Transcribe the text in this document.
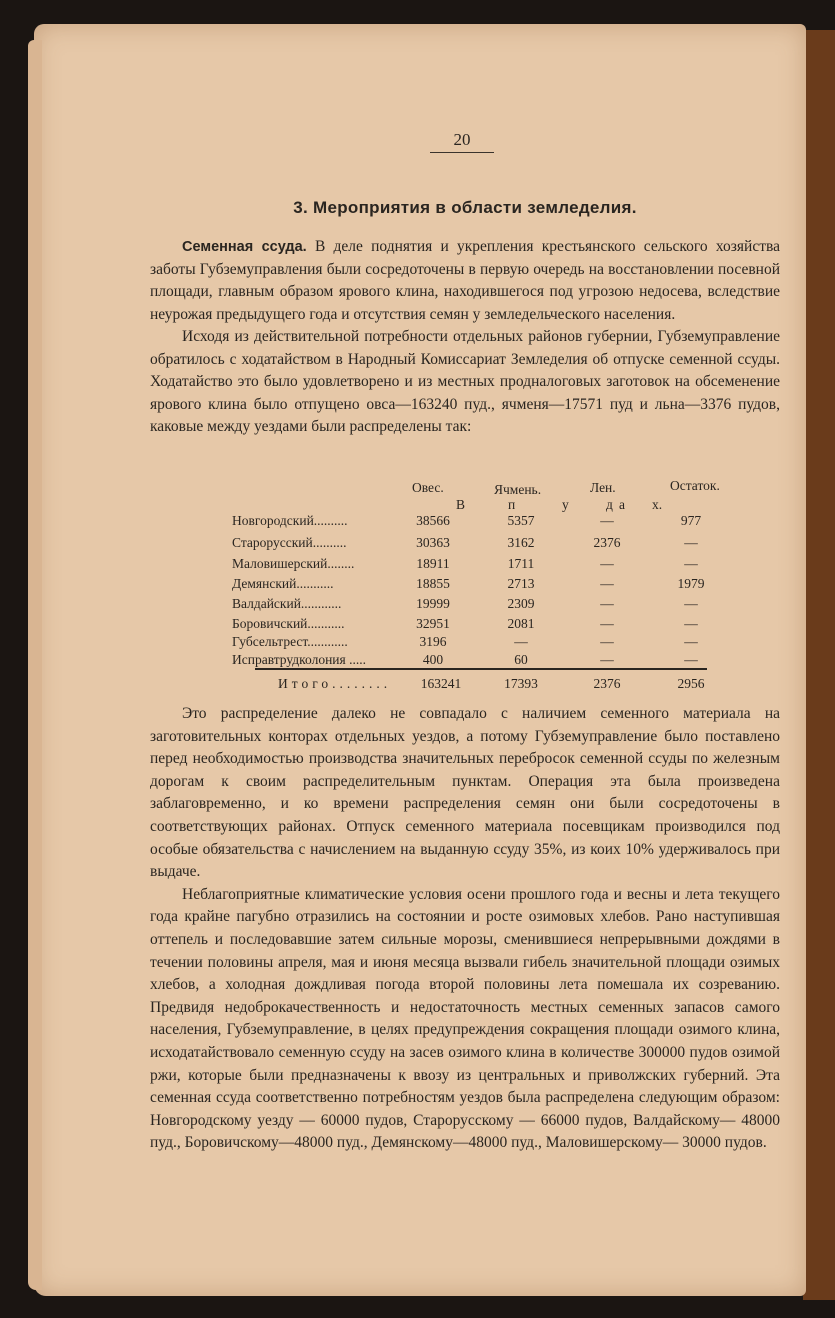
20
3. Мероприятия в области земледелия.

Семенная ссуда. В деле поднятия и укрепления крестьянского сельского хозяйства заботы Губземуправления были сосредоточены в первую очередь на восстановлении посевной площади, главным образом ярового клина, находившегося под угрозою недосева, вследствие неурожая предыдущего года и отсутствия семян у земледельческого населения.

Исходя из действительной потребности отдельных районов губернии, Губземуправление обратилось с ходатайством в Народный Комиссариат Земледелия об отпуске семенной ссуды. Ходатайство это было удовлетворено и из местных продналоговых заготовок на обсеменение ярового клина было отпущено овса—163240 пуд., ячменя—17571 пуд и льна—3376 пудов, каковые между уездами были распределены так:

Овес.	Ячмень.	Лен.	Остаток.
В	п	у	д а х.
Новгородский..........	38566	5357	—	977
Старорусский..........	30363	3162	2376	—
Маловишерский........	18911	1711	—	—
Демянский...........	18855	2713	—	1979
Валдайский............	19999	2309	—	—
Боровичский...........	32951	2081	—	—
Губсельтрест............	3196	—	—	—
Исправтрудколония .....	400	60	—	—
Итого........	163241	17393	2376	2956

Это распределение далеко не совпадало с наличием семенного материала на заготовительных конторах отдельных уездов, а потому Губземуправление было поставлено перед необходимостью производства значительных перебросок семенной ссуды по железным дорогам к своим распределительным пунктам. Операция эта была произведена заблаговременно, и ко времени распределения семян они были сосредоточены в соответствующих районах. Отпуск семенного материала посевщикам производился под особые обязательства с начислением на выданную ссуду 35%, из коих 10% удерживалось при выдаче.

Неблагоприятные климатические условия осени прошлого года и весны и лета текущего года крайне пагубно отразились на состоянии и росте озимовых хлебов. Рано наступившая оттепель и последовавшие затем сильные морозы, сменившиеся непрерывными дождями в течении половины апреля, мая и июня месяца вызвали гибель значительной площади озимых хлебов, а холодная дождливая погода второй половины лета помешала их созреванию. Предвидя недоброкачественность и недостаточность местных семенных запасов самого населения, Губземуправление, в целях предупреждения сокращения площади озимого клина, исходатайствовало семенную ссуду на засев озимого клина в количестве 300000 пудов озимой ржи, которые были предназначены к ввозу из центральных и приволжских губерний. Эта семенная ссуда соответственно потребностям уездов была распределена следующим образом: Новгородскому уезду — 60000 пудов, Старорусскому — 66000 пудов, Валдайскому— 48000 пуд., Боровичскому—48000 пуд., Демянскому—48000 пуд., Маловишерскому— 30000 пудов.
